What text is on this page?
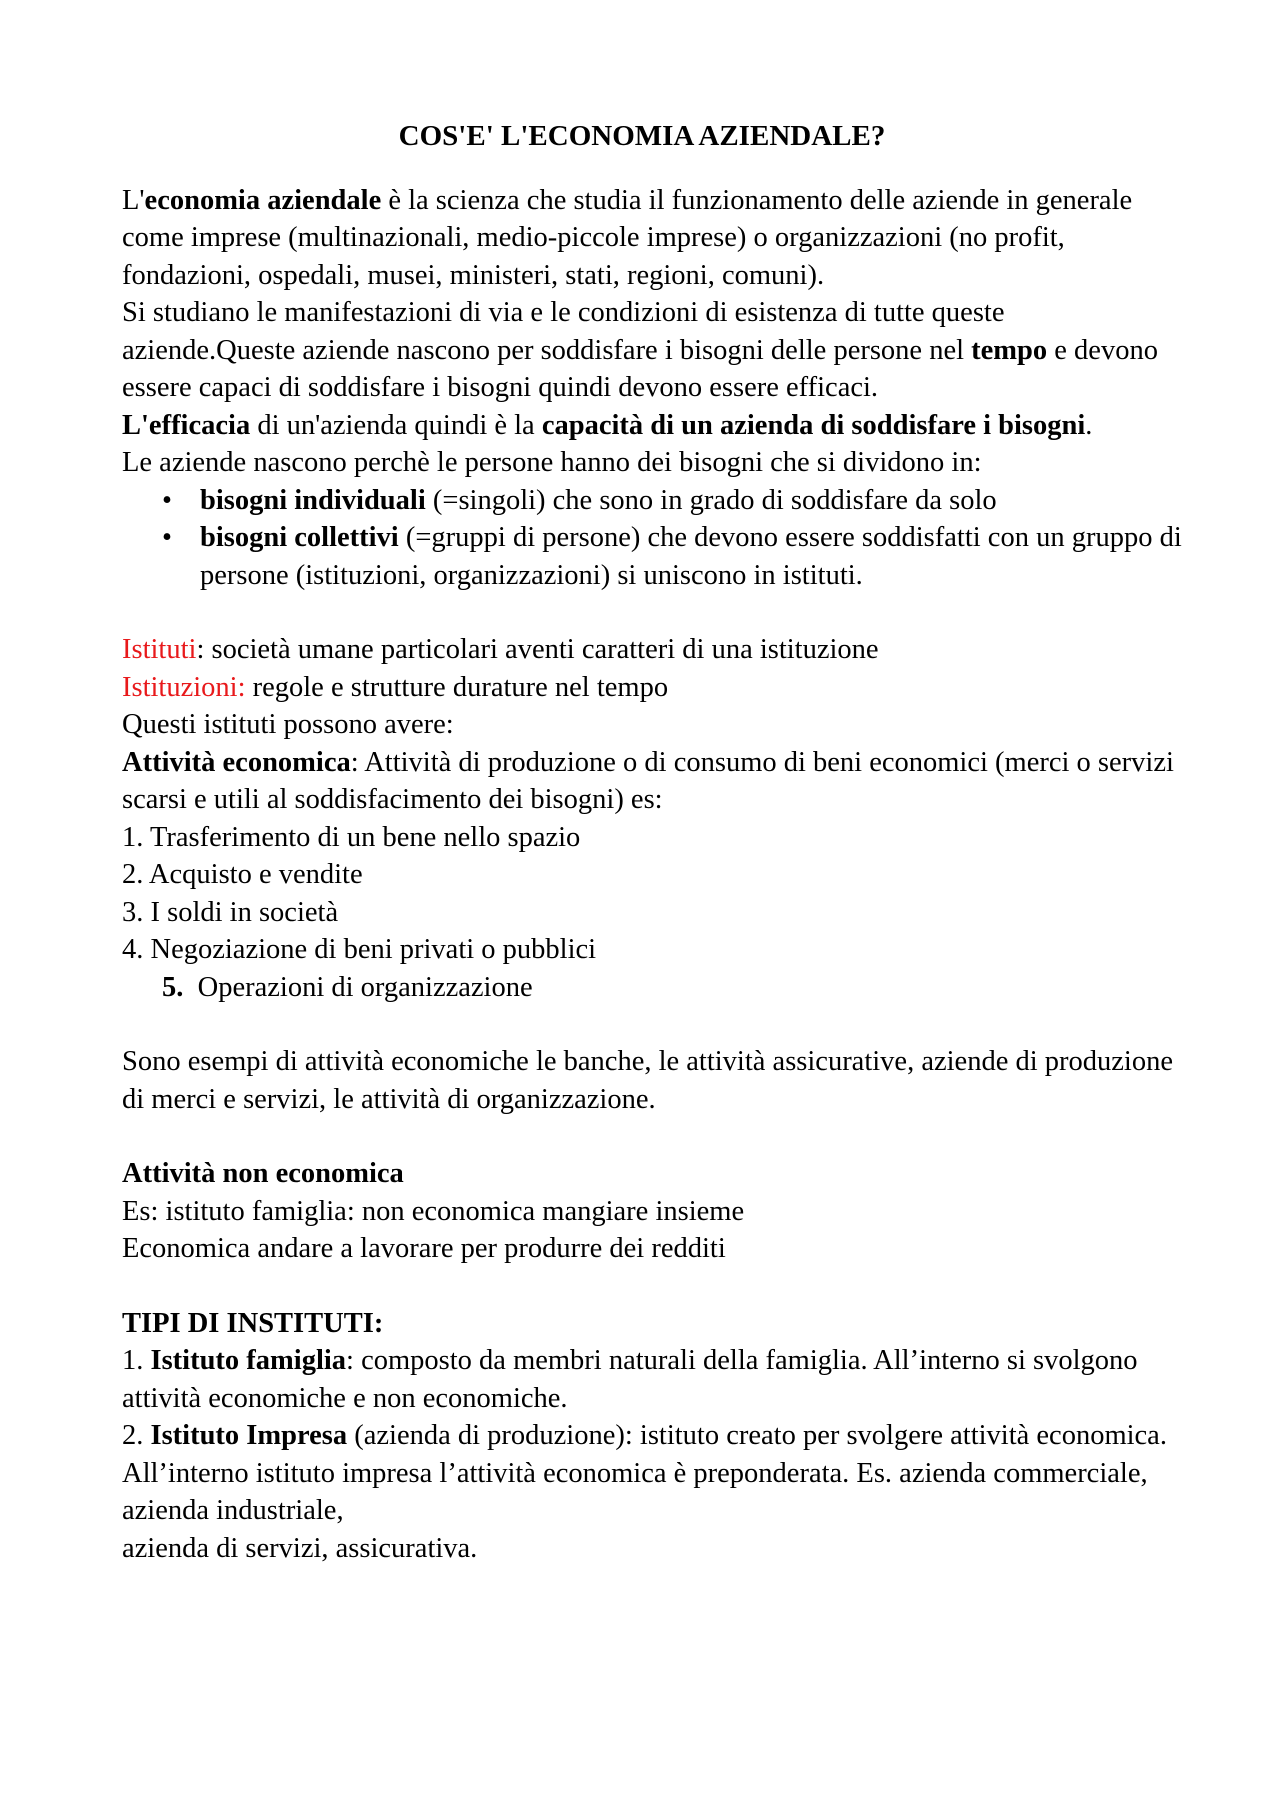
COS'E' L'ECONOMIA AZIENDALE?

L'economia aziendale è la scienza che studia il funzionamento delle aziende in generale come imprese (multinazionali, medio-piccole imprese) o organizzazioni (no profit, fondazioni, ospedali, musei, ministeri, stati, regioni, comuni).

Si studiano le manifestazioni di via e le condizioni di esistenza di tutte queste aziende.Queste aziende nascono per soddisfare i bisogni delle persone nel tempo e devono essere capaci di soddisfare i bisogni quindi devono essere efficaci.

L'efficacia di un'azienda quindi è la capacità di un azienda di soddisfare i bisogni.

Le aziende nascono perchè le persone hanno dei bisogni che si dividono in:

• bisogni individuali (=singoli) che sono in grado di soddisfare da solo
• bisogni collettivi (=gruppi di persone) che devono essere soddisfatti con un gruppo di persone (istituzioni, organizzazioni) si uniscono in istituti.

Istituti: società umane particolari aventi caratteri di una istituzione

Istituzioni: regole e strutture durature nel tempo

Questi istituti possono avere:

Attività economica: Attività di produzione o di consumo di beni economici (merci o servizi scarsi e utili al soddisfacimento dei bisogni) es:

1. Trasferimento di un bene nello spazio

2. Acquisto e vendite

3. I soldi in società

4. Negoziazione di beni privati o pubblici

5.  Operazioni di organizzazione

Sono esempi di attività economiche le banche, le attività assicurative, aziende di produzione di merci e servizi, le attività di organizzazione.

Attività non economica

Es: istituto famiglia: non economica mangiare insieme

Economica andare a lavorare per produrre dei redditi

TIPI DI INSTITUTI:

1. Istituto famiglia: composto da membri naturali della famiglia. All’interno si svolgono attività economiche e non economiche.

2. Istituto Impresa (azienda di produzione): istituto creato per svolgere attività economica. All’interno istituto impresa l’attività economica è preponderata. Es. azienda commerciale, azienda industriale,

azienda di servizi, assicurativa.
